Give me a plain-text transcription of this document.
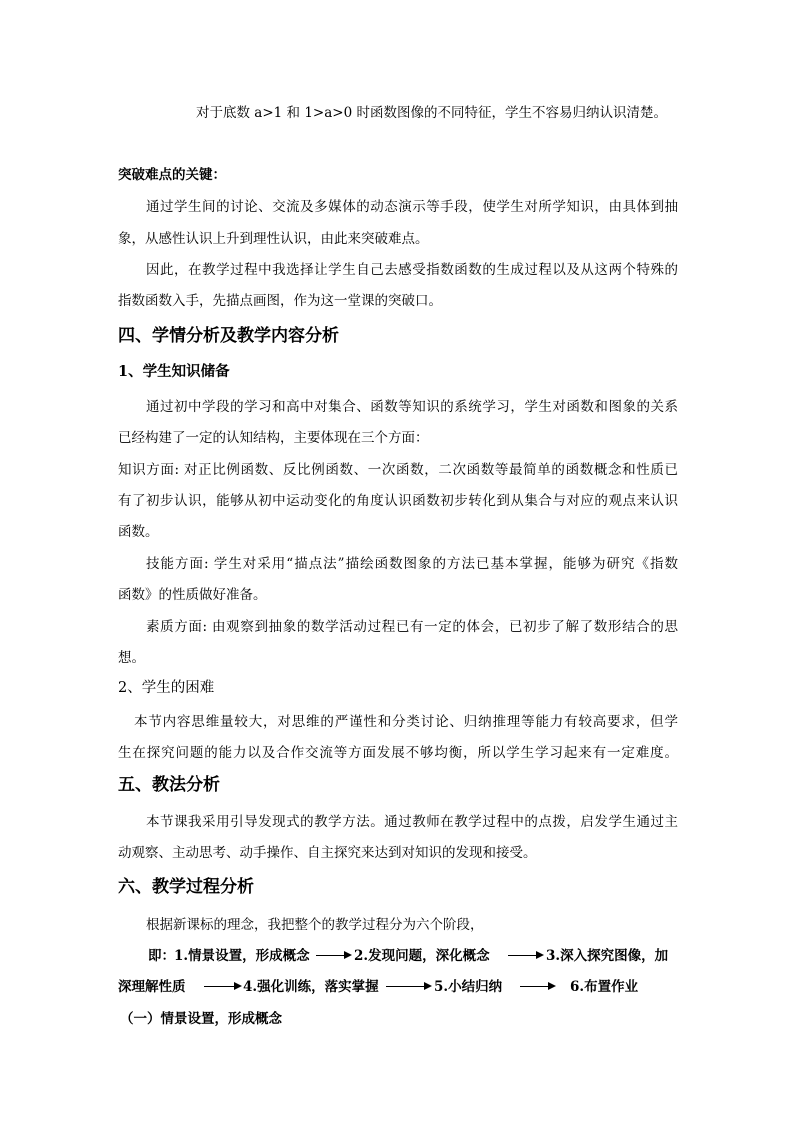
对于底数 a>1 和 1>a>0 时函数图像的不同特征，学生不容易归纳认识清楚。
突破难点的关键：
通过学生间的讨论、交流及多媒体的动态演示等手段，使学生对所学知识，由具体到抽
象，从感性认识上升到理性认识，由此来突破难点。
因此，在教学过程中我选择让学生自己去感受指数函数的生成过程以及从这两个特殊的
指数函数入手，先描点画图，作为这一堂课的突破口。
四、学情分析及教学内容分析
1、学生知识储备
通过初中学段的学习和高中对集合、函数等知识的系统学习，学生对函数和图象的关系
已经构建了一定的认知结构，主要体现在三个方面：
知识方面: 对正比例函数、反比例函数、一次函数，二次函数等最简单的函数概念和性质已
有了初步认识，能够从初中运动变化的角度认识函数初步转化到从集合与对应的观点来认识
函数。
技能方面: 学生对采用“描点法”描绘函数图象的方法已基本掌握，能够为研究《指数
函数》的性质做好准备。
素质方面: 由观察到抽象的数学活动过程已有一定的体会，已初步了解了数形结合的思
想。
2、学生的困难
本节内容思维量较大，对思维的严谨性和分类讨论、归纳推理等能力有较高要求，但学
生在探究问题的能力以及合作交流等方面发展不够均衡，所以学生学习起来有一定难度。
五、教法分析
本节课我采用引导发现式的教学方法。通过教师在教学过程中的点拨，启发学生通过主
动观察、主动思考、动手操作、自主探究来达到对知识的发现和接受。
六、教学过程分析
根据新课标的理念，我把整个的教学过程分为六个阶段，
即： 1.情景设置，形成概念	2.发现问题，深化概念	3.深入探究图像，加
深理解性质	4.强化训练，落实掌握	5.小结归纳	6.布置作业
（一）情景设置，形成概念
